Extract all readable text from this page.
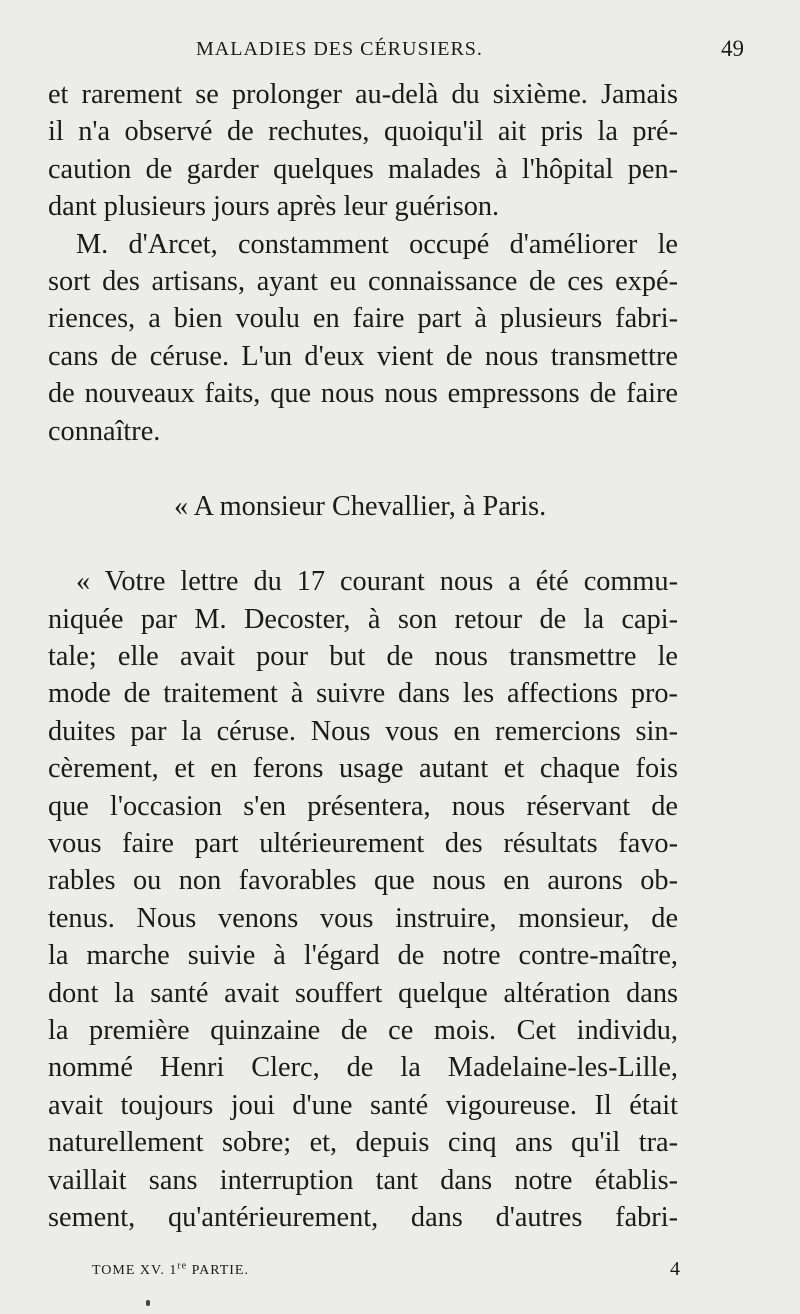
MALADIES DES CÉRUSIERS.	49
et rarement se prolonger au-delà du sixième. Jamais
il n'a observé de rechutes, quoiqu'il ait pris la pré-
caution de garder quelques malades à l'hôpital pen-
dant plusieurs jours après leur guérison.
M. d'Arcet, constamment occupé d'améliorer le
sort des artisans, ayant eu connaissance de ces expé-
riences, a bien voulu en faire part à plusieurs fabri-
cans de céruse. L'un d'eux vient de nous transmettre
de nouveaux faits, que nous nous empressons de faire
connaître.
« A monsieur Chevallier, à Paris.
« Votre lettre du 17 courant nous a été commu-
niquée par M. Decoster, à son retour de la capi-
tale; elle avait pour but de nous transmettre le
mode de traitement à suivre dans les affections pro-
duites par la céruse. Nous vous en remercions sin-
cèrement, et en ferons usage autant et chaque fois
que l'occasion s'en présentera, nous réservant de
vous faire part ultérieurement des résultats favo-
rables ou non favorables que nous en aurons ob-
tenus. Nous venons vous instruire, monsieur, de
la marche suivie à l'égard de notre contre-maître,
dont la santé avait souffert quelque altération dans
la première quinzaine de ce mois. Cet individu,
nommé Henri Clerc, de la Madelaine-les-Lille,
avait toujours joui d'une santé vigoureuse. Il était
naturellement sobre; et, depuis cinq ans qu'il tra-
vaillait sans interruption tant dans notre établis-
sement, qu'antérieurement, dans d'autres fabri-
TOME XV. 1re PARTIE.	4
